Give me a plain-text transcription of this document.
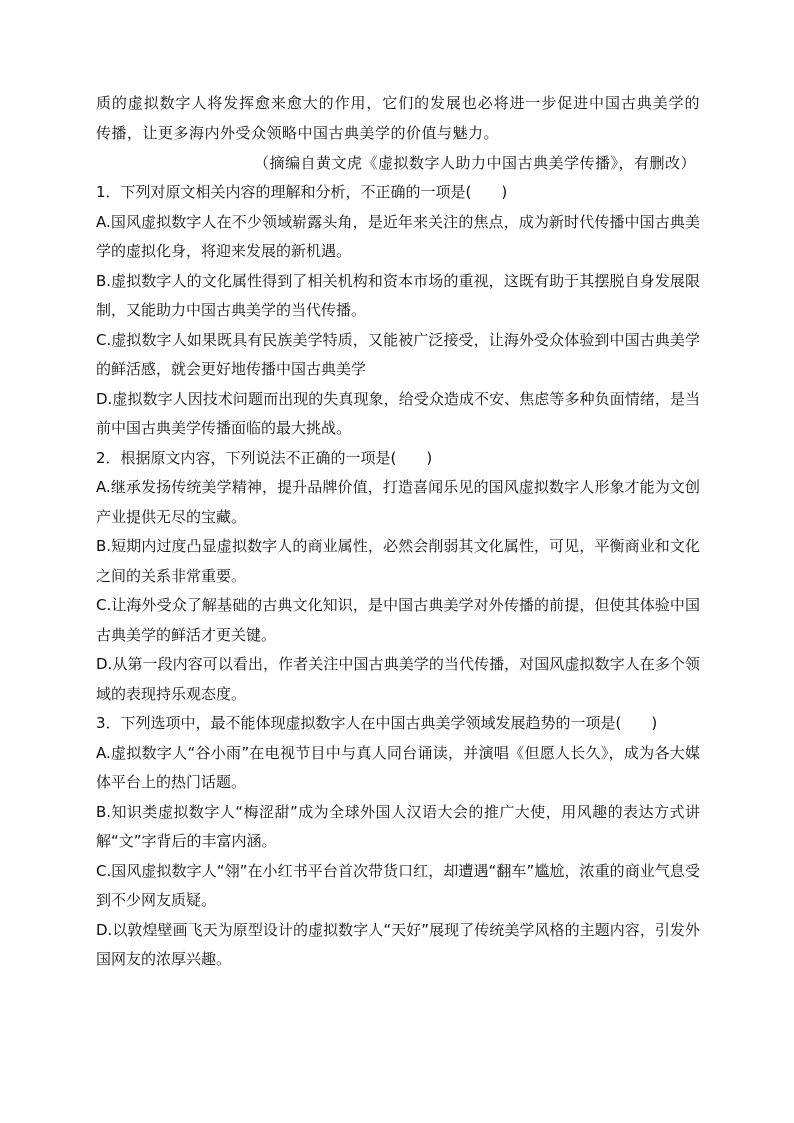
质的虚拟数字人将发挥愈来愈大的作用，它们的发展也必将进一步促进中国古典美学的传播，让更多海内外受众领略中国古典美学的价值与魅力。

（摘编自黄文虎《虚拟数字人助力中国古典美学传播》，有删改）

1．下列对原文相关内容的理解和分析，不正确的一项是(　　)

A.国风虚拟数字人在不少领域崭露头角，是近年来关注的焦点，成为新时代传播中国古典美学的虚拟化身，将迎来发展的新机遇。

B.虚拟数字人的文化属性得到了相关机构和资本市场的重视，这既有助于其摆脱自身发展限制，又能助力中国古典美学的当代传播。

C.虚拟数字人如果既具有民族美学特质，又能被广泛接受，让海外受众体验到中国古典美学的鲜活感，就会更好地传播中国古典美学

D.虚拟数字人因技术问题而出现的失真现象，给受众造成不安、焦虑等多种负面情绪，是当前中国古典美学传播面临的最大挑战。

2．根据原文内容，下列说法不正确的一项是(　　)

A.继承发扬传统美学精神，提升品牌价值，打造喜闻乐见的国风虚拟数字人形象才能为文创产业提供无尽的宝藏。

B.短期内过度凸显虚拟数字人的商业属性，必然会削弱其文化属性，可见，平衡商业和文化之间的关系非常重要。

C.让海外受众了解基础的古典文化知识，是中国古典美学对外传播的前提，但使其体验中国古典美学的鲜活才更关键。

D.从第一段内容可以看出，作者关注中国古典美学的当代传播，对国风虚拟数字人在多个领域的表现持乐观态度。

3．下列选项中，最不能体现虚拟数字人在中国古典美学领域发展趋势的一项是(　　)

A.虚拟数字人“谷小雨”在电视节目中与真人同台诵读，并演唱《但愿人长久》，成为各大媒体平台上的热门话题。

B.知识类虚拟数字人“梅涩甜”成为全球外国人汉语大会的推广大使，用风趣的表达方式讲解“文”字背后的丰富内涵。

C.国风虚拟数字人“翎”在小红书平台首次带货口红，却遭遇“翻车”尴尬，浓重的商业气息受到不少网友质疑。

D.以敦煌壁画飞天为原型设计的虚拟数字人“天好”展现了传统美学风格的主题内容，引发外国网友的浓厚兴趣。
